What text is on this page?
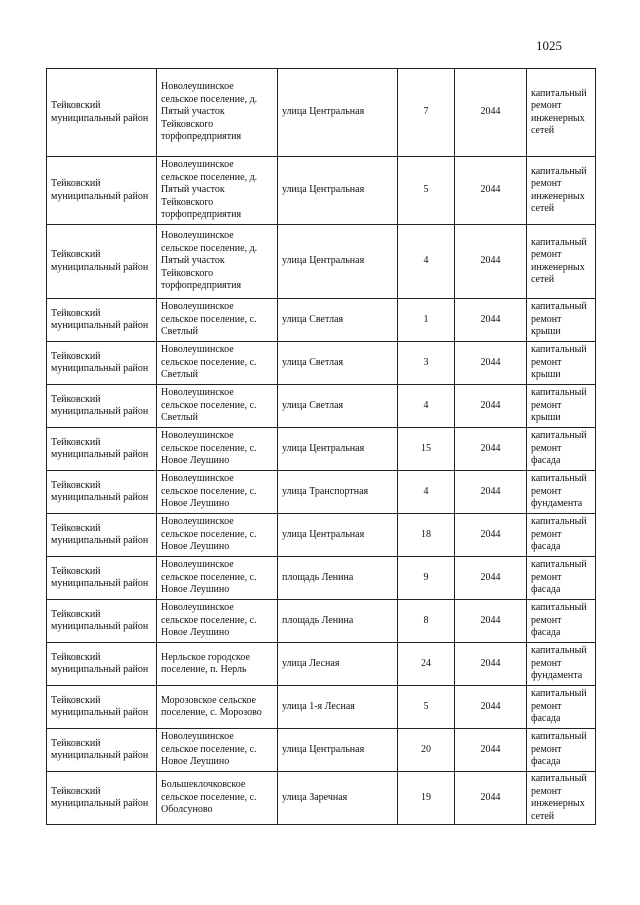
1025
Тейковский муниципальный район	Новолеушинское сельское поселение, д. Пятый участок Тейковского торфопредприятия	улица Центральная	7	2044	капитальный ремонт инженерных сетей
Тейковский муниципальный район	Новолеушинское сельское поселение, д. Пятый участок Тейковского торфопредприятия	улица Центральная	5	2044	капитальный ремонт инженерных сетей
Тейковский муниципальный район	Новолеушинское сельское поселение, д. Пятый участок Тейковского торфопредприятия	улица Центральная	4	2044	капитальный ремонт инженерных сетей
Тейковский муниципальный район	Новолеушинское сельское поселение, с. Светлый	улица Светлая	1	2044	капитальный ремонт крыши
Тейковский муниципальный район	Новолеушинское сельское поселение, с. Светлый	улица Светлая	3	2044	капитальный ремонт крыши
Тейковский муниципальный район	Новолеушинское сельское поселение, с. Светлый	улица Светлая	4	2044	капитальный ремонт крыши
Тейковский муниципальный район	Новолеушинское сельское поселение, с. Новое Леушино	улица Центральная	15	2044	капитальный ремонт фасада
Тейковский муниципальный район	Новолеушинское сельское поселение, с. Новое Леушино	улица Транспортная	4	2044	капитальный ремонт фундамента
Тейковский муниципальный район	Новолеушинское сельское поселение, с. Новое Леушино	улица Центральная	18	2044	капитальный ремонт фасада
Тейковский муниципальный район	Новолеушинское сельское поселение, с. Новое Леушино	площадь Ленина	9	2044	капитальный ремонт фасада
Тейковский муниципальный район	Новолеушинское сельское поселение, с. Новое Леушино	площадь Ленина	8	2044	капитальный ремонт фасада
Тейковский муниципальный район	Нерльское городское поселение, п. Нерль	улица Лесная	24	2044	капитальный ремонт фундамента
Тейковский муниципальный район	Морозовское сельское поселение, с. Морозово	улица 1-я Лесная	5	2044	капитальный ремонт фасада
Тейковский муниципальный район	Новолеушинское сельское поселение, с. Новое Леушино	улица Центральная	20	2044	капитальный ремонт фасада
Тейковский муниципальный район	Большеклочковское сельское поселение, с. Оболсуново	улица Заречная	19	2044	капитальный ремонт инженерных сетей
